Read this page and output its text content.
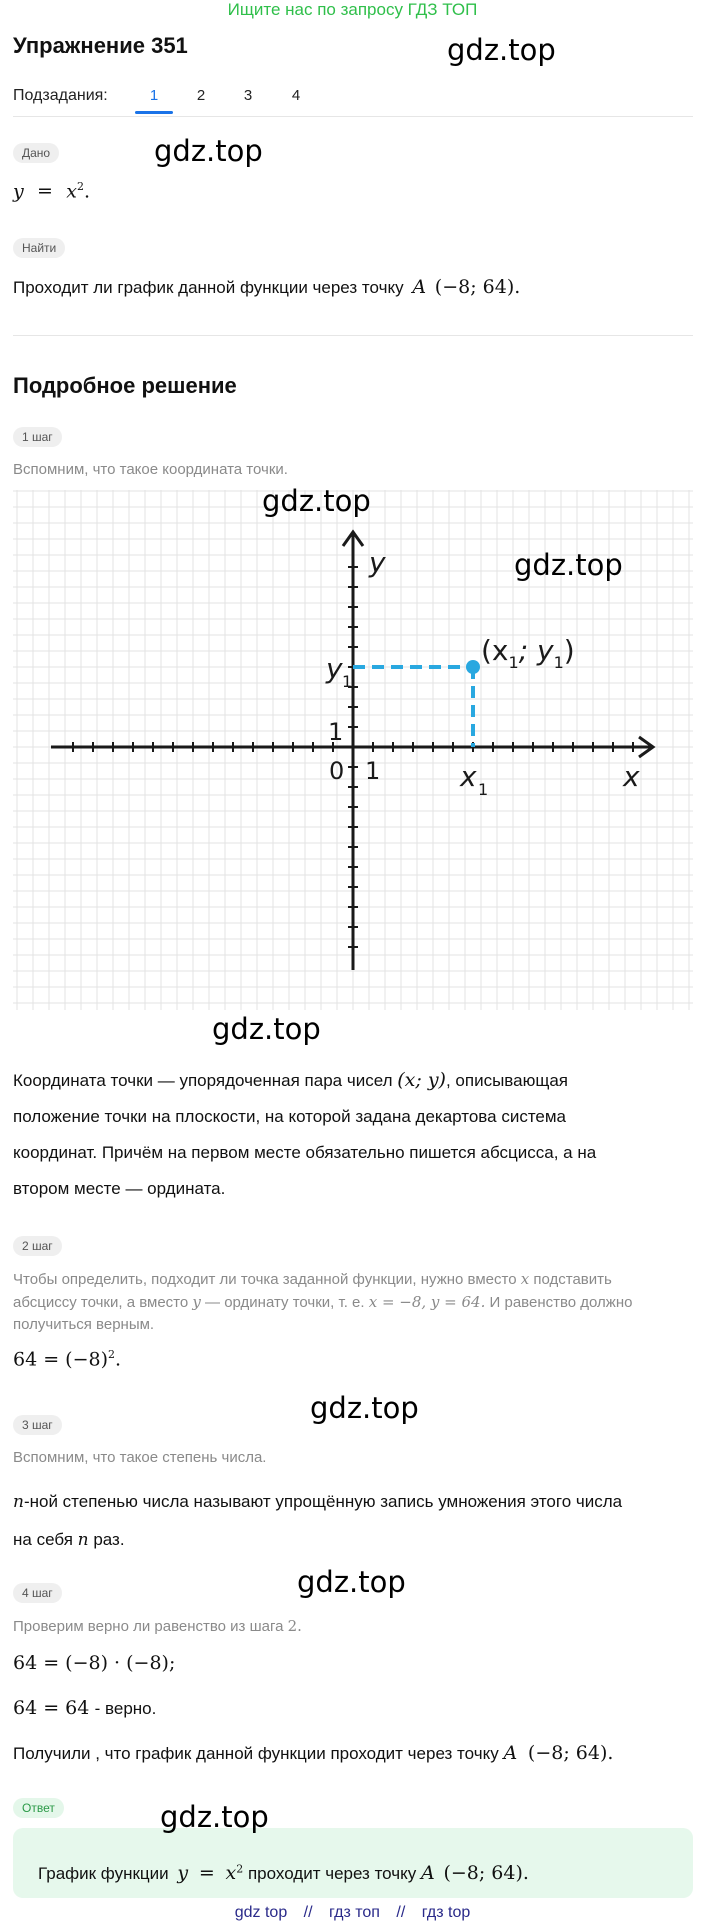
Ищите нас по запросу ГДЗ ТОП
Упражнение 351	gdz.top
Подзадания:	1	2	3	4
Дано	gdz.top
$y = x^2$.
Найти
Проходит ли график данной функции через точку A (−8; 64).
Подробное решение
1 шаг
Вспомним, что такое координата точки.
y
x
y 1
1
0 1	x 1
($x_1$; $y_1$)
gdz.top
gdz.top
gdz.top
Координата точки — упорядоченная пара чисел (x; y), описывающая
положение точки на плоскости, на которой задана декартова система
координат. Причём на первом месте обязательно пишется абсцисса, а на
втором месте — ордината.
2 шаг
Чтобы определить, подходит ли точка заданной функции, нужно вместо x подставить
абсциссу точки, а вместо y — ординату точки, т. е. x = −8, y = 64. И равенство должно
получиться верным.
$64 = (-8)^2$.
gdz.top
3 шаг
Вспомним, что такое степень числа.
n-ной степенью числа называют упрощённую запись умножения этого числа
на себя n раз.
gdz.top
4 шаг
Проверим верно ли равенство из шага 2.
64 = (−8) · (−8);
64 = 64 - верно.
Получили , что график данной функции проходит через точку A (−8; 64).
Ответ	gdz.top
График функции $y = x^2$ проходит через точку A (−8; 64).
gdz top // гдз топ // гдз top
